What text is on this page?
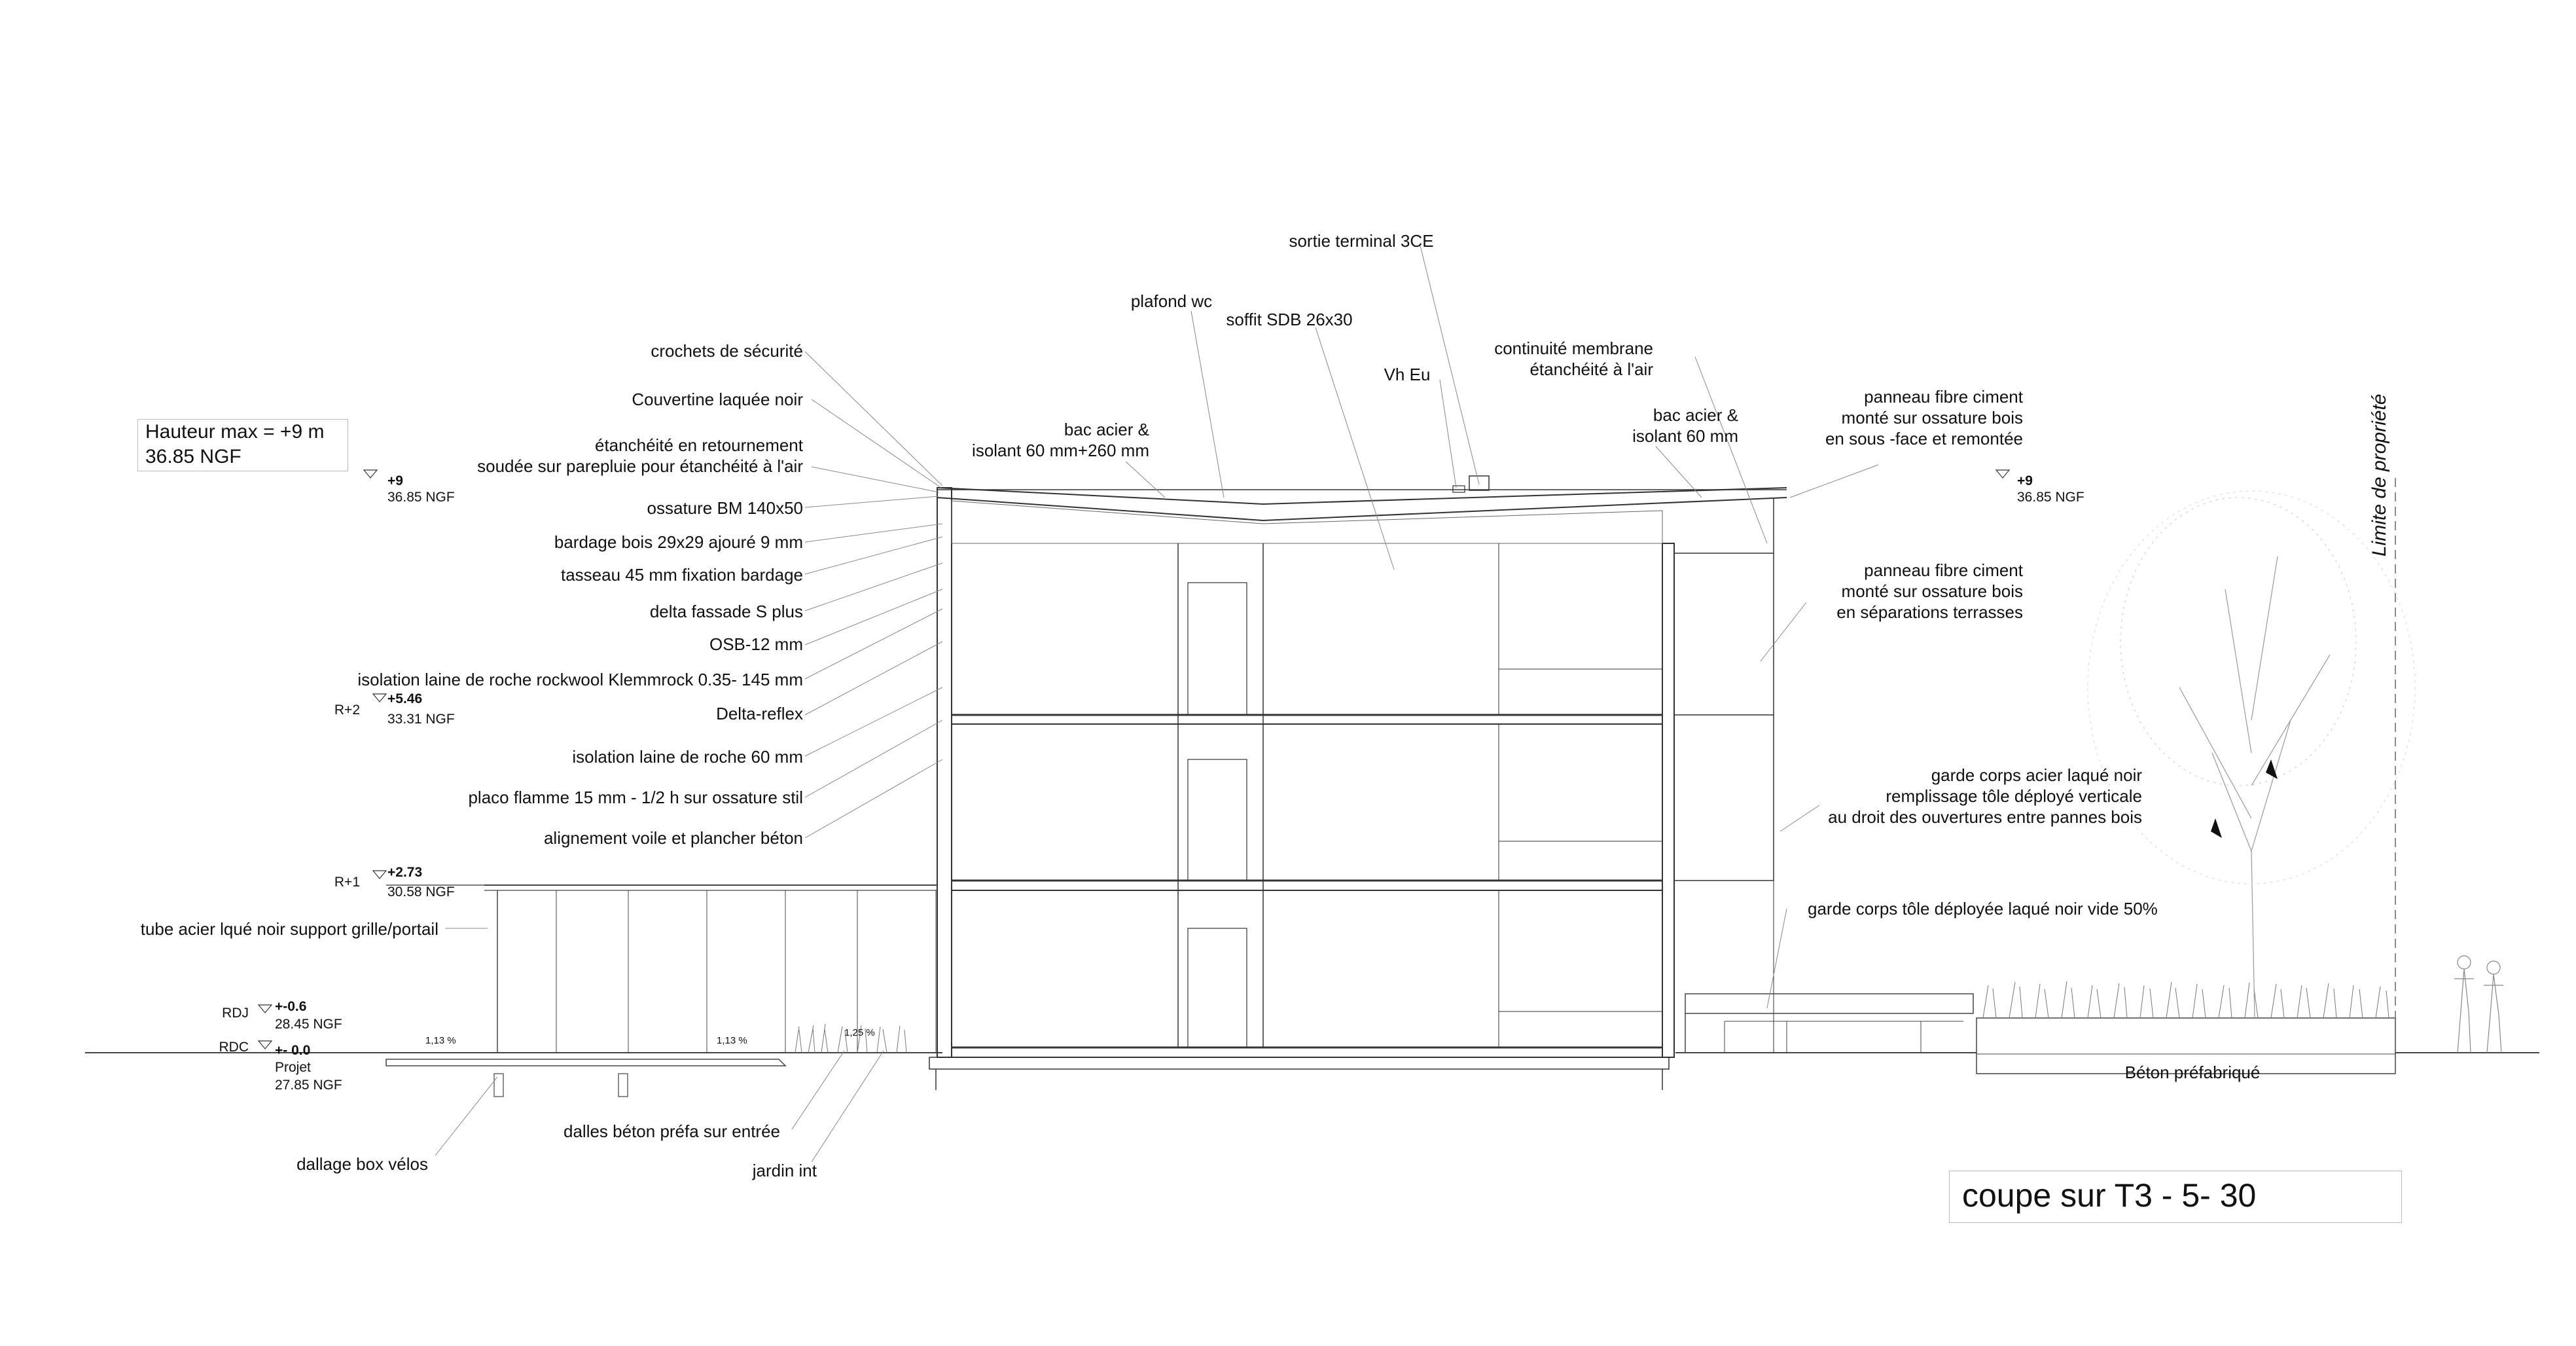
Hauteur max = +9 m
36.85 NGF
coupe sur T3 - 5- 30
+9
36.85 NGF
+9
36.85 NGF
R+2
+5.46
33.31 NGF
R+1
+2.73
30.58 NGF
RDJ +-0.6
28.45 NGF
RDC +- 0.0
Projet
27.85 NGF
crochets de sécurité
Couvertine laquée noir
étanchéité en retournement
soudée sur parepluie pour étanchéité à l'air
ossature BM 140x50
bardage bois 29x29 ajouré 9 mm
tasseau 45 mm fixation bardage
delta fassade S plus
OSB-12 mm
isolation laine de roche rockwool Klemmrock 0.35- 145 mm
Delta-reflex
isolation laine de roche 60 mm
placo flamme 15 mm - 1/2 h sur ossature stil
alignement voile et plancher béton
tube acier lqué noir support grille/portail
sortie terminal 3CE
plafond wc
soffit SDB 26x30
bac acier &
isolant 60 mm+260 mm
Vh Eu
continuité membrane
étanchéité à l'air
bac acier &
isolant 60 mm
panneau fibre ciment
monté sur ossature bois
en sous -face et remontée
panneau fibre ciment
monté sur ossature bois
en séparations terrasses
garde corps acier laqué noir
remplissage tôle déployé verticale
au droit des ouvertures entre pannes bois
garde corps tôle déployée laqué noir vide 50%
Béton préfabriqué
Limite de propriété
dalles béton préfa sur entrée
jardin int
dallage box vélos
1,13 %	1,13 %
1,25 %
